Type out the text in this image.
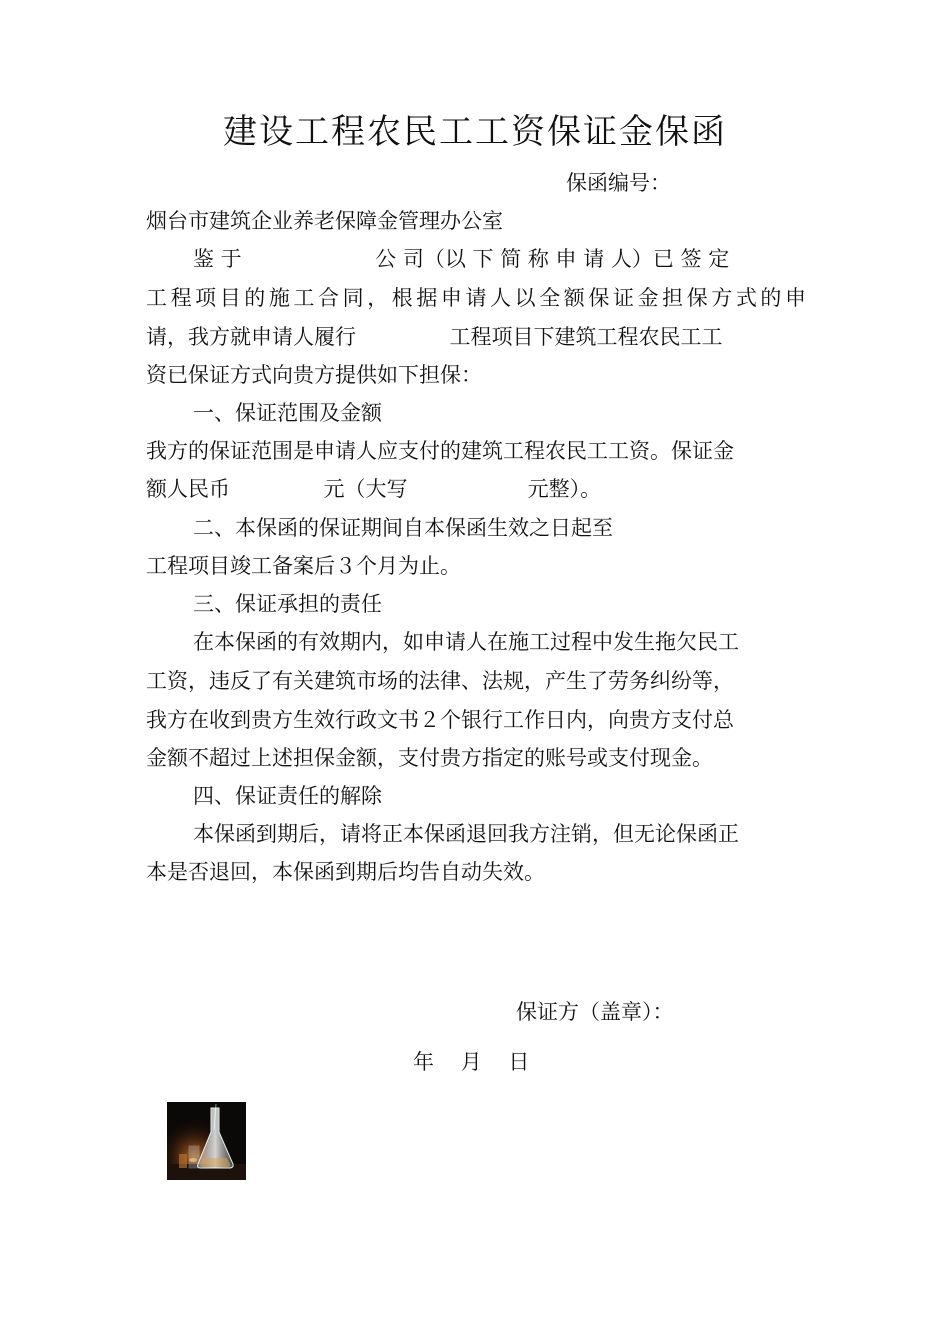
建设工程农民工工资保证金保函
保函编号：
烟台市建筑企业养老保障金管理办公室
鉴 于                    公 司（以 下 简 称 申 请 人）已 签 定
工程项目的施工合同，根据申请人以全额保证金担保方式的申
请，我方就申请人履行              工程项目下建筑工程农民工工
资已保证方式向贵方提供如下担保：
一、保证范围及金额
我方的保证范围是申请人应支付的建筑工程农民工工资。保证金
额人民币              元（大写                  元整）。
二、本保函的保证期间自本保函生效之日起至
工程项目竣工备案后３个月为止。
三、保证承担的责任
在本保函的有效期内，如申请人在施工过程中发生拖欠民工
工资，违反了有关建筑市场的法律、法规，产生了劳务纠纷等，
我方在收到贵方生效行政文书２个银行工作日内，向贵方支付总
金额不超过上述担保金额，支付贵方指定的账号或支付现金。
四、保证责任的解除
本保函到期后，请将正本保函退回我方注销，但无论保函正
本是否退回，本保函到期后均告自动失效。
保证方（盖章）：
年    月    日
